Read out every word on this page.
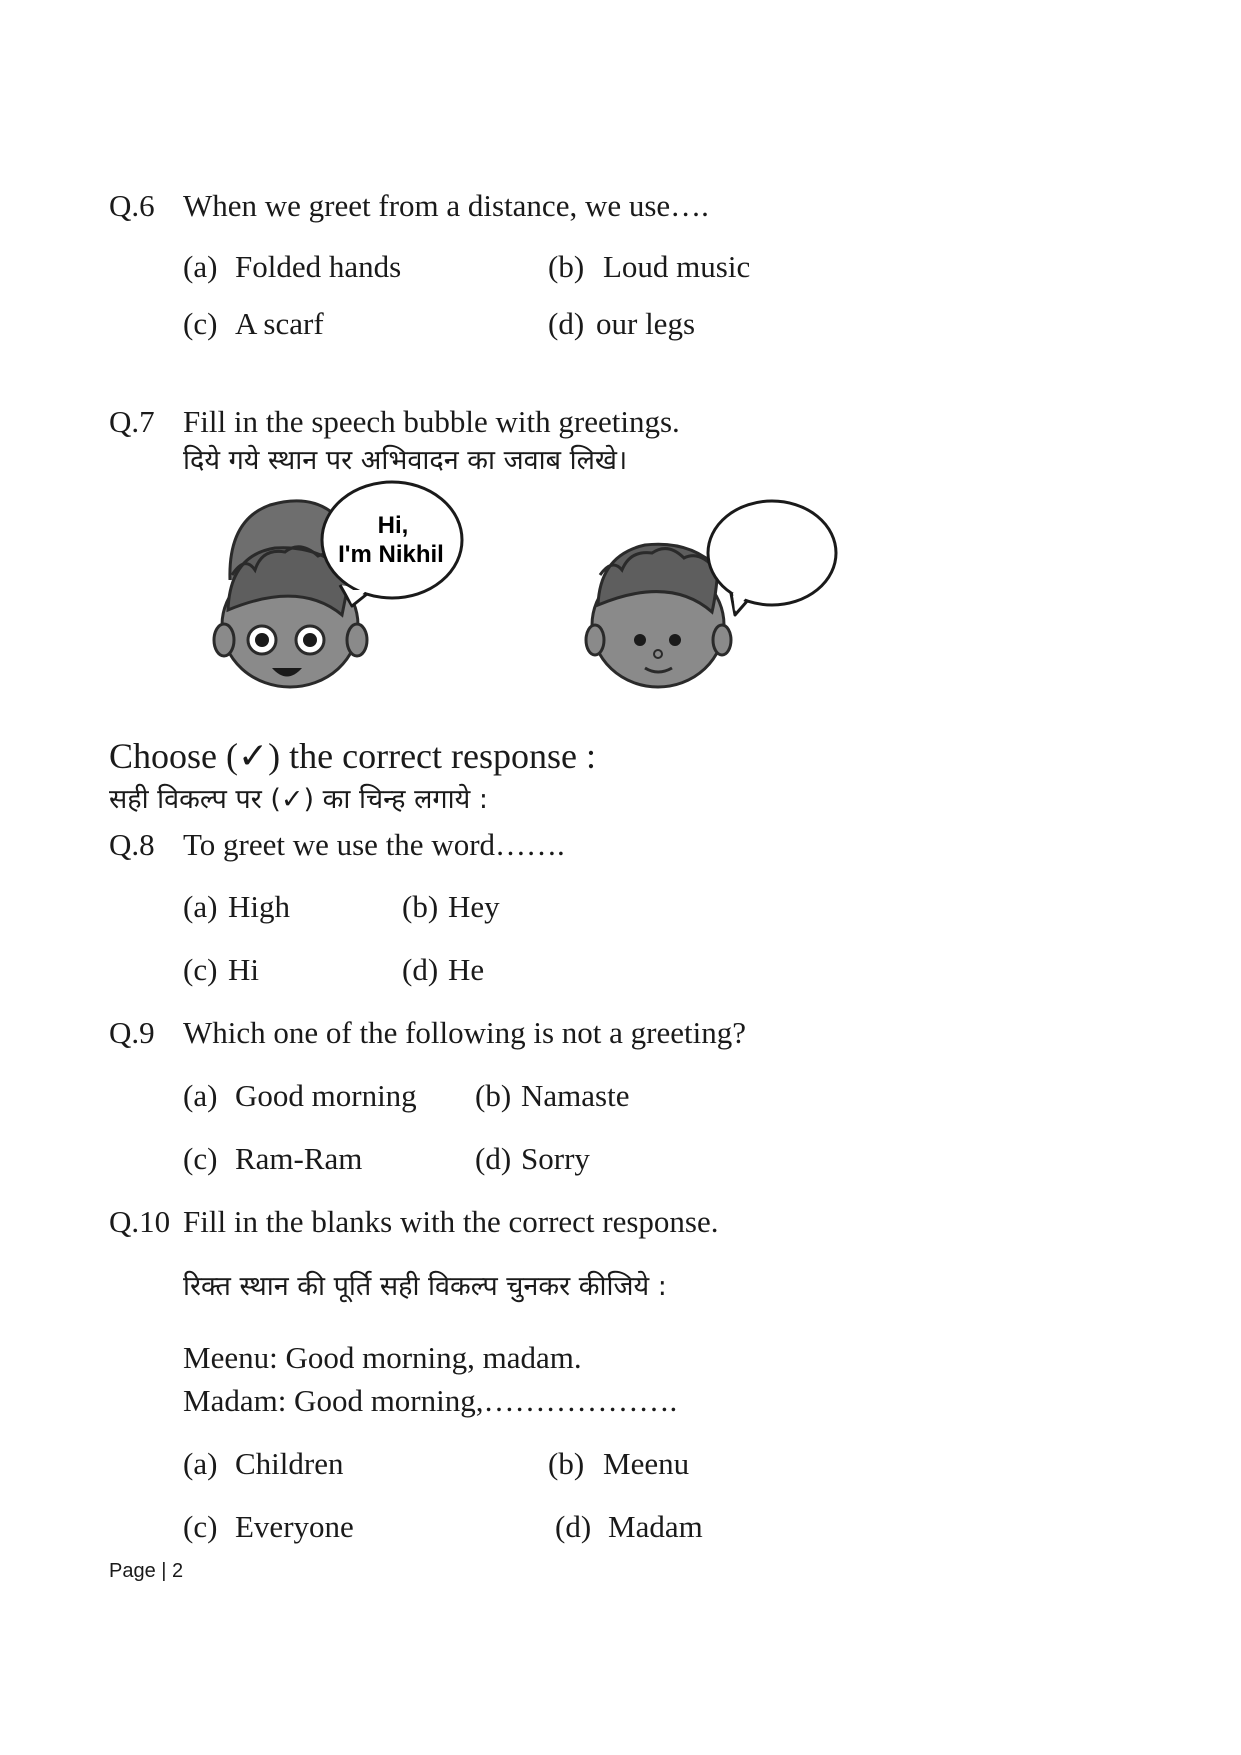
Q.6 When we greet from a distance, we use….
(a) Folded hands	(b) Loud music
(c) A scarf	(d) our legs
Q.7 Fill in the speech bubble with greetings.
दिये गये स्थान पर अभिवादन का जवाब लिखे।
Hi,
I'm Nikhil
Choose (✓) the correct response :
सही विकल्प पर (✓) का चिन्ह लगाये :
Q.8 To greet we use the word…….
(a) High	(b) Hey
(c) Hi	(d) He
Q.9 Which one of the following is not a greeting?
(a) Good morning (b) Namaste
(c) Ram-Ram	(d) Sorry
Q.10 Fill in the blanks with the correct response.
रिक्त स्थान की पूर्ति सही विकल्प चुनकर कीजिये :
Meenu: Good morning, madam.
Madam: Good morning,……………….
(a) Children	(b) Meenu
(c) Everyone	(d) Madam
Page | 2
